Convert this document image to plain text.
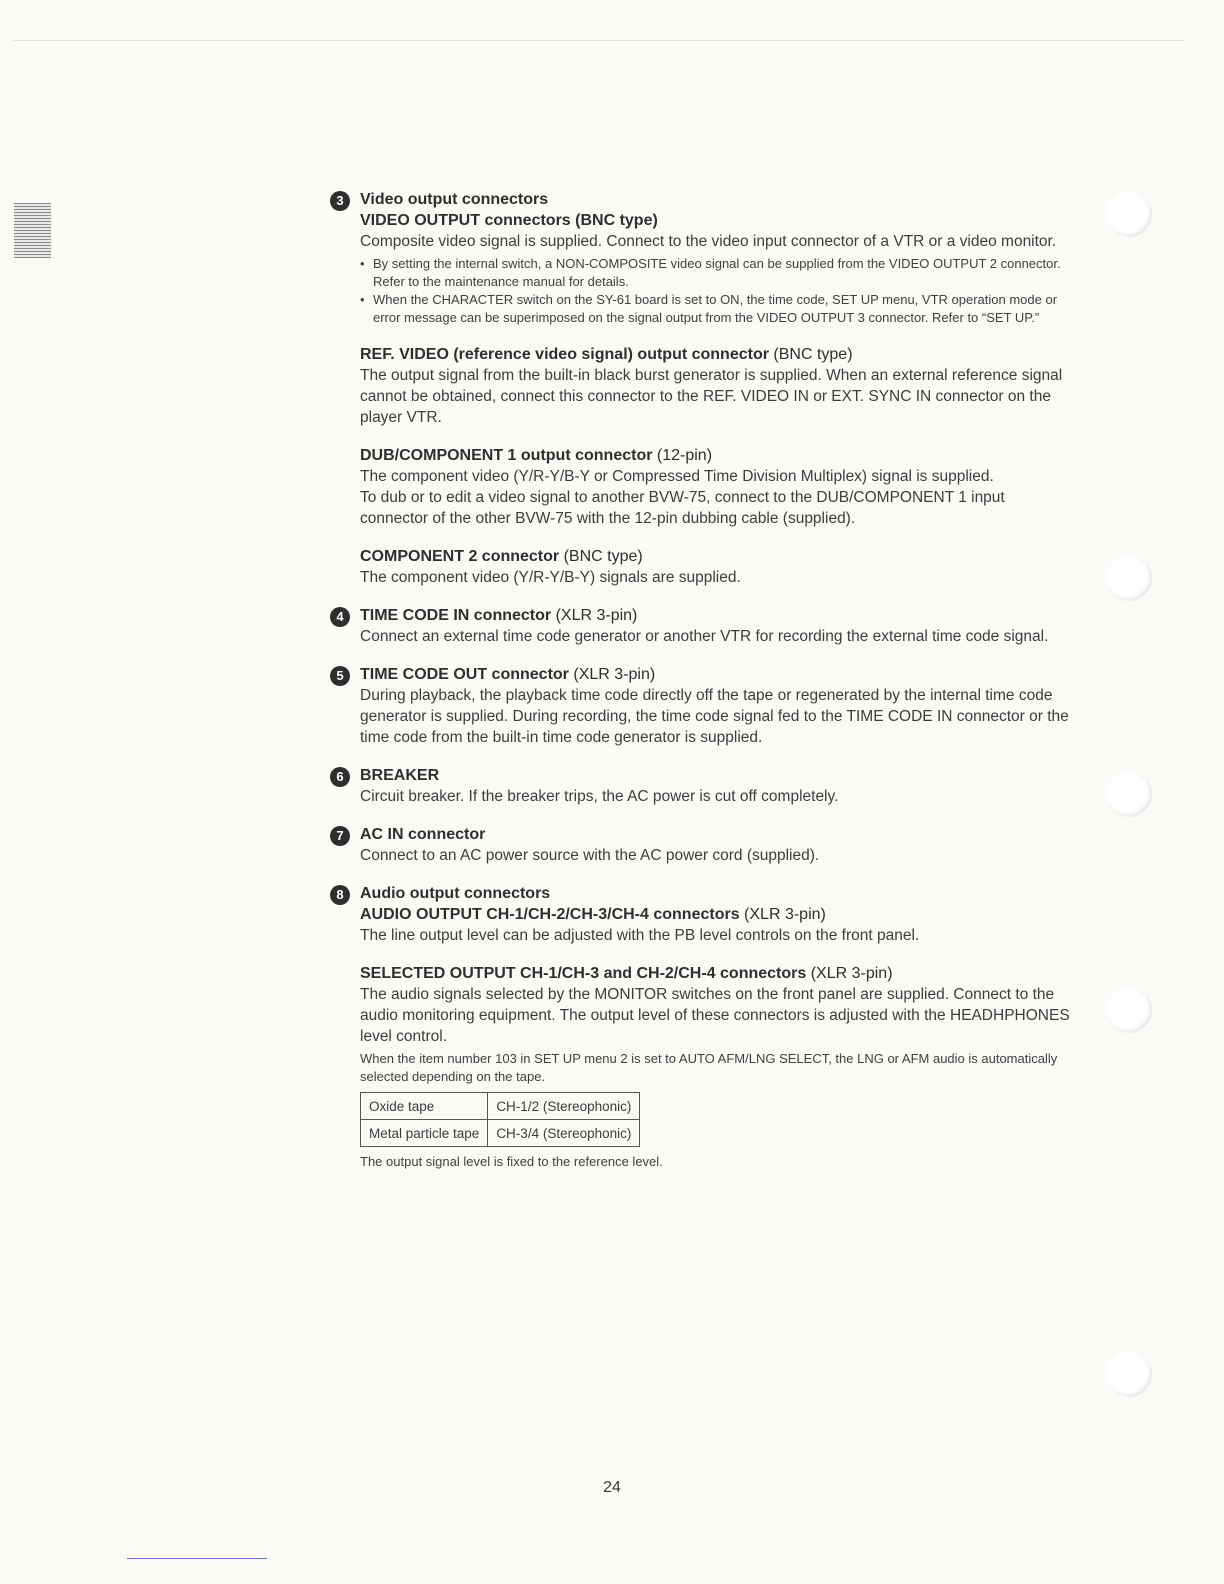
3	Video output connectors
VIDEO OUTPUT connectors (BNC type)
Composite video signal is supplied. Connect to the video input connector of a VTR or a video monitor.
• By setting the internal switch, a NON-COMPOSITE video signal can be supplied from the VIDEO OUTPUT 2 connector. Refer to the maintenance manual for details.
• When the CHARACTER switch on the SY-61 board is set to ON, the time code, SET UP menu, VTR operation mode or error message can be superimposed on the signal output from the VIDEO OUTPUT 3 connector. Refer to “SET UP.”
REF. VIDEO (reference video signal) output connector (BNC type)
The output signal from the built-in black burst generator is supplied. When an external reference signal cannot be obtained, connect this connector to the REF. VIDEO IN or EXT. SYNC IN connector on the player VTR.
DUB/COMPONENT 1 output connector (12-pin)
The component video (Y/R-Y/B-Y or Compressed Time Division Multiplex) signal is supplied.
To dub or to edit a video signal to another BVW-75, connect to the DUB/COMPONENT 1 input connector of the other BVW-75 with the 12-pin dubbing cable (supplied).
COMPONENT 2 connector (BNC type)
The component video (Y/R-Y/B-Y) signals are supplied.
4	TIME CODE IN connector (XLR 3-pin)
Connect an external time code generator or another VTR for recording the external time code signal.
5	TIME CODE OUT connector (XLR 3-pin)
During playback, the playback time code directly off the tape or regenerated by the internal time code generator is supplied. During recording, the time code signal fed to the TIME CODE IN connector or the time code from the built-in time code generator is supplied.
6	BREAKER
Circuit breaker. If the breaker trips, the AC power is cut off completely.
7	AC IN connector
Connect to an AC power source with the AC power cord (supplied).
8	Audio output connectors
AUDIO OUTPUT CH-1/CH-2/CH-3/CH-4 connectors (XLR 3-pin)
The line output level can be adjusted with the PB level controls on the front panel.
SELECTED OUTPUT CH-1/CH-3 and CH-2/CH-4 connectors (XLR 3-pin)
The audio signals selected by the MONITOR switches on the front panel are supplied. Connect to the audio monitoring equipment. The output level of these connectors is adjusted with the HEADHPHONES level control.
When the item number 103 in SET UP menu 2 is set to AUTO AFM/LNG SELECT, the LNG or AFM audio is automatically selected depending on the tape.
Oxide tape	CH-1/2 (Stereophonic)
Metal particle tape	CH-3/4 (Stereophonic)
The output signal level is fixed to the reference level.
24
